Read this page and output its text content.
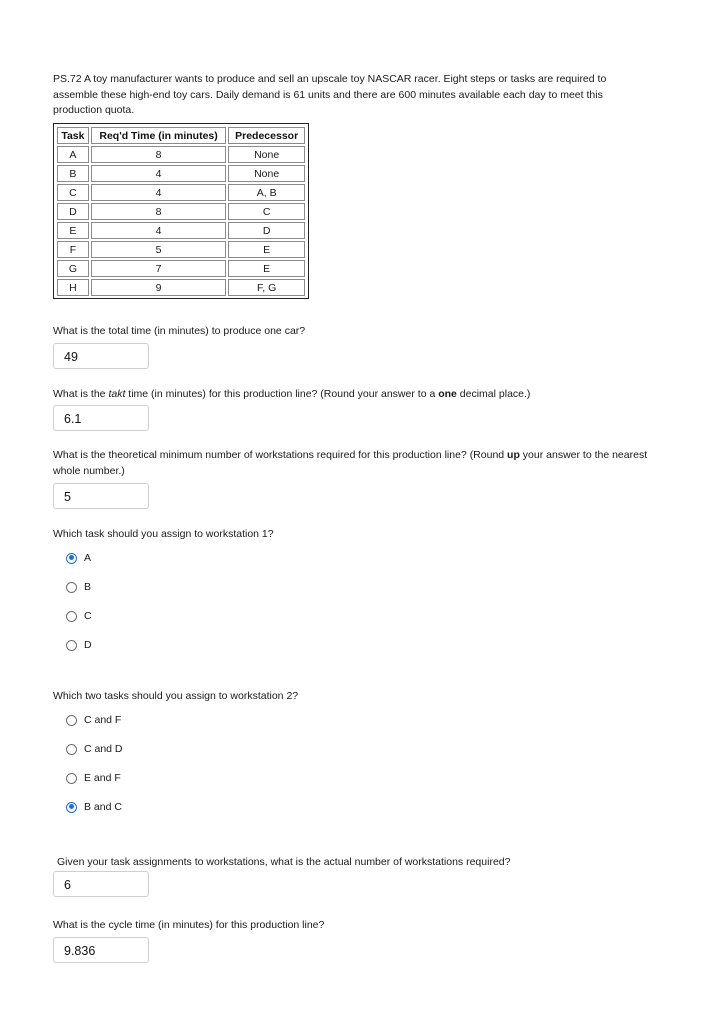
PS.72 A toy manufacturer wants to produce and sell an upscale toy NASCAR racer. Eight steps or tasks are required to
assemble these high-end toy cars. Daily demand is 61 units and there are 600 minutes available each day to meet this
production quota.
Task	Req'd Time (in minutes)	Predecessor
A	8	None
B	4	None
C	4	A, B
D	8	C
E	4	D
F	5	E
G	7	E
H	9	F, G
What is the total time (in minutes) to produce one car?
49
What is the takt time (in minutes) for this production line? (Round your answer to a one decimal place.)
6.1
What is the theoretical minimum number of workstations required for this production line? (Round up your answer to the nearest
whole number.)
5
Which task should you assign to workstation 1?
A
B
C
D
Which two tasks should you assign to workstation 2?
C and F
C and D
E and F
B and C
Given your task assignments to workstations, what is the actual number of workstations required?
6
What is the cycle time (in minutes) for this production line?
9.836
